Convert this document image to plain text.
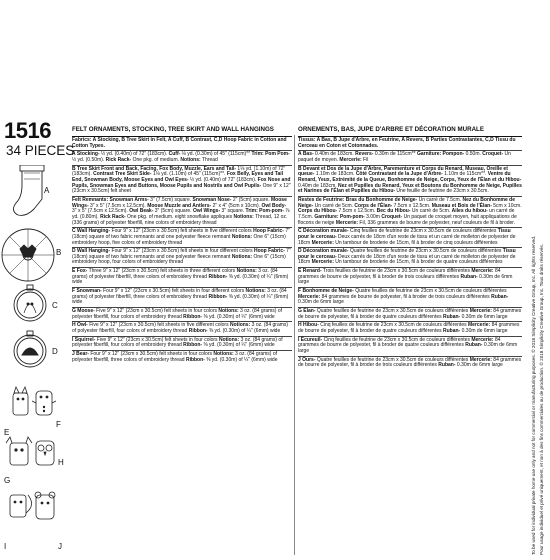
1516
34 PIECES
A
B
C
D
E
F
G
H
I	J
FELT ORNAMENTS, STOCKING, TREE SKIRT AND WALL HANGINGS	ORNEMENTS, BAS, JUPE D'ARBRE ET DÉCORATION MURALE
Fabrics: A Stocking, B Tree Skirt in Felt, A Cuff, B Contrast, C,D Hoop Fabric in Cotton and Cotton Types.
A Stocking- ½ yd. (0.40m) of 72" (183cm). Cuff- ⅛ yd. (0.30m) of 45" (115cm)** Trim: Pom Pom- ½ yd. (0.50m). Rick Rack- One pkg. of medium. Notions: Thread
B Tree Skirt Front and Back, Facing, Fox Body, Muzzle, Ears and Tail- 1⅛ yd. (1.10m) of 72" (183cm). Contrast Tree Skirt Side- 1⅛ yd. (1.10m) of 45" (115cm)**. Fox Belly, Eyes and Tail End, Snowman Body, Moose Eyes and Owl Eyes- ½ yd. (0.40m) of 72" (183cm). Fox Nose and Pupils, Snowman Eyes and Buttons, Moose Pupils and Nostrils and Owl Pupils- One 9" x 12" (23cm x 30.5cm) felt sheet
Felt Remnants: Snowman Arms- 3" (7.5cm) square. Snowman Nose- 2" (5cm) square. Moose Wings- 3" x 5" (7.5cm x 12.5cm). Moose Muzzle and Antlers- 2" x 4" (5cm x 10cm). Owl Body- 3" x 5" (7.5cm x 12.5cm). Owl Beak- 3" (5cm) square. Owl Wings- 3" square. Trim: Pom-pom- ⅞ yd. (0.80m). Rick Rack- One pkg. of medium. eight snowflake appliques Notions: Thread, 12 oz. (336 grams) of polyester fiberfill, nine colors of embroidery thread
C Wall Hanging- Four 9" x 12" (23cm x 30.5cm) felt sheets in five different colors Hoop Fabric- 7" (18cm) square of two fabric remnants and one polyester fleece remnant Notions: One 6" (15cm) embroidery hoop, five colors of embroidery thread
D Wall Hanging- Four 9" x 12" (23cm x 30.5cm) felt sheets in four different colors Hoop Fabric- 7" (18cm) square of two fabric remnants and one polyester fleece remnant Notions: One 6" (15cm) embroidery hoop, four colors of embroidery thread
E Fox- Three 9" x 12" (23cm x 30.5cm) felt sheets in three different colors Notions: 3 oz. (84 grams) of polyester fiberfill, three colors of embroidery thread Ribbon- ⅜ yd. (0.30m) of ¼" (6mm) wide
F Snowman- Four 9" x 12" (23cm x 30.5cm) felt sheets in four different colors Notions: 3 oz. (84 grams) of polyester fiberfill, three colors of embroidery thread Ribbon- ⅜ yd. (0.30m) of ¼" (6mm) wide
G Moose- Five 9" x 12" (23cm x 30.5cm) felt sheets in four colors Notions: 3 oz. (84 grams) of polyester fiberfill, four colors of embroidery thread Ribbon- ⅜ yd. (0.30m) of ¼" (6mm) wide
H Owl- Five 9" x 12" (23cm x 30.5cm) felt sheets in five different colors Notions: 3 oz. (84 grams) of polyester fiberfill, four colors of embroidery thread Ribbon- ⅜ yd. (0.30m) of ¼" (6mm) wide
I Squirrel- Five 9" x 12" (23cm x 30.5cm) felt sheets in four colors Notions: 3 oz. (84 grams) of polyester fiberfill, four colors of embroidery thread Ribbon- ⅜ yd. (0.30m) of ¼" (6mm) wide
J Bear- Four 9" x 12" (23cm x 30.5cm) felt sheets in four colors Notions: 3 oz. (84 grams) of polyester fiberfill, three colors of embroidery thread Ribbon- ⅜ yd. (0.30m) of ¼" (6mm) wide
Tissus: A Bas, B Jupe d'Arbre, en Feutrine, A Revers, B Parties Contrastantes, C,D Tissu du Cerceau en Coton et Cotonnades.
A Bas- 0.40m de 183cm. Revers- 0.30m de 115cm** Garniture: Pompon- 0.50m. Croquet- Un paquet de moyen. Mercerie: Fil
B Devant et Dos de la Jupe d'Arbre, Parementure et Corps du Renard, Museau, Oreille et queue- 1.10m de 183cm. Côté Contrastant de la Jupe d'Arbre- 1.10m de 115cm**. Ventre du Renard, Yeux, Extrémité de la Queue, Bonhomme de Neige, Corps, Yeux de l'Élan et du Hibou- 0.40m de 183cm. Nez et Pupilles du Renard, Yeux et Boutons du Bonhomme de Neige, Pupilles et Narines de l'Élan et Pupilles du Hibou- Une feuille de feutrine de 23cm x 30.5cm.
Restes de Feutrine: Bras du Bonhomme de Neige- Un carré de 7.5cm. Nez du Bonhomme de Neige- Un carré de 5cm. Corps de l'Élan- 7.5cm x 12.5cm. Museau et Bois de l'Élan- 5cm x 10cm. Corps du Hibou- 7.5cm x 12.5cm. Bec du Hibou- Un carré de 5cm. Ailes du hibou- un carré de 7.5cm. Garniture: Pom-pom- 3.00m Croquet- Un paquet de croquet moyen, huit appliquations de flocons de neige Mercerie: Fil, 336 grammes de bourre de polyester, neuf couleurs de fil à broder.
C Décoration murale- Cinq feuilles de feutrine de 23cm x 30.5cm de couleurs différentes Tissu pour le cerceau- Deux carrés de 18cm d'un reste de tissu et un carré de molleton de polyester de 18cm Mercerie: Un tambour de broderie de 15cm, fil à broder de cinq couleurs différentes
D Décoration murale- Quatre feuilles de feutrine de 23cm x 30.5cm de couleurs différentes Tissu pour le cerceau- Deux carrés de 18cm d'un reste de tissu et un carré de molleton de polyester de 18cm Mercerie: Un tambour de broderie de 15cm, fil à broder de quatre couleurs différentes
E Renard- Trois feuilles de feutrine de 23cm x 30.5cm de couleurs différentes Mercerie: 84 grammes de bourre de polyester, fil à broder de trois couleurs différentes Ruban- 0.30m de 6mm large
F Bonhomme de Neige- Quatre feuilles de feutrine de 23cm x 30.5cm de couleurs différentes Mercerie: 84 grammes de bourre de polyester, fil à broder de trois couleurs différentes Ruban- 0.30m de 6mm large
G Élan- Quatre feuilles de feutrine de 23cm x 30.5cm de couleurs différentes Mercerie: 84 grammes de bourre de polyester, fil à broder de quatre couleurs différentes Ruban- 0.30m de 6mm large
H Hibou- Cinq feuilles de feutrine de 23cm x 30.5cm de couleurs différentes Mercerie: 84 grammes de bourre de polyester, fil à broder de quatre couleurs différentes Ruban- 0.30m de 6mm large
I Écureuil- Cinq feuilles de feutrine de 23cm x 30.5cm de couleurs différentes Mercerie: 84 grammes de bourre de polyester, fil à broder de quatre couleurs différentes Ruban- 0.30m de 6mm large
J Ours- Quatre feuilles de feutrine de 23cm x 30.5cm de couleurs différentes Mercerie: 84 grammes de bourre de polyester, fil à broder de trois couleurs différentes Ruban- 0.30m de 6mm large	To be used for individual private home use only and not for commercial or manufacturing purposes. © 2018 Simplicity Creative Group, Inc. All rights reserved. Pour usage individuel et privé uniquement, et non à des fins commerciales ou de production. © 2018 Simplicity Creative Group, Inc. Tous droits réservés.
